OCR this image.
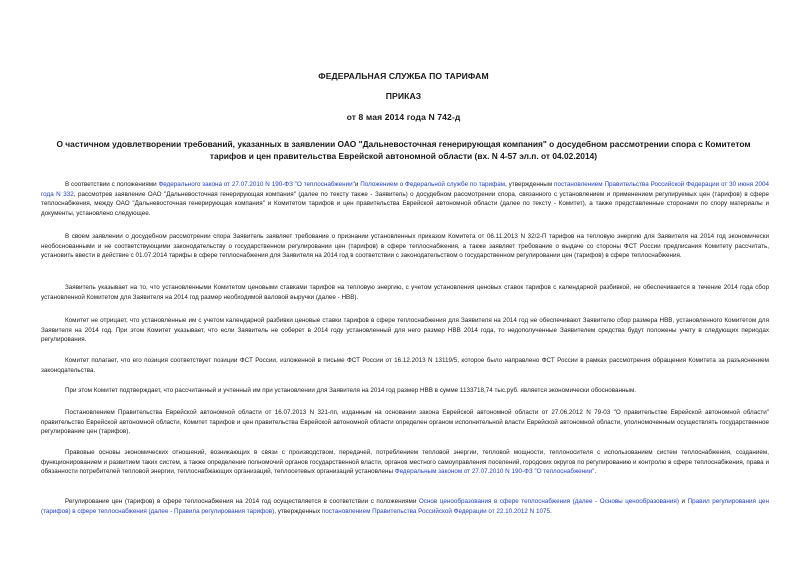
ФЕДЕРАЛЬНАЯ СЛУЖБА ПО ТАРИФАМ
ПРИКАЗ
от 8 мая 2014 года N 742-д
О частичном удовлетворении требований, указанных в заявлении ОАО "Дальневосточная генерирующая компания" о досудебном рассмотрении спора с Комитетом тарифов и цен правительства Еврейской автономной области (вх. N 4-57 эл.п. от 04.02.2014)

В соответствии с положениями Федерального закона от 27.07.2010 N 190-ФЗ "О теплоснабжении"и Положением о Федеральной службе по тарифам, утвержденным постановлением Правительства Российской Федерации от 30 июня 2004 года N 332, рассмотрев заявление ОАО "Дальневосточная генерирующая компания" (далее по тексту также - Заявитель) о досудебном рассмотрении спора, связанного с установлением и применением регулируемых цен (тарифов) в сфере теплоснабжения, между ОАО "Дальневосточная генерирующая компания" и Комитетом тарифов и цен правительства Еврейской автономной области (далее по тексту - Комитет), а также представленные сторонами по спору материалы и документы, установлено следующее.

В своем заявлении о досудебном рассмотрении спора Заявитель заявляет требование о признании установленных приказом Комитета от 06.11.2013 N 32/2-П тарифов на тепловую энергию для Заявителя на 2014 год экономически необоснованными и не соответствующими законодательству о государственном регулировании цен (тарифов) в сфере теплоснабжения, а также заявляет требование о выдаче со стороны ФСТ России предписания Комитету рассчитать, установить ввести в действие с 01.07.2014 тарифы в сфере теплоснабжения для Заявителя на 2014 год в соответствии с законодательством о государственном регулировании цен (тарифов) в сфере теплоснабжения.

Заявитель указывает на то, что установленными Комитетом ценовыми ставками тарифов на тепловую энергию, с учетом установления ценовых ставок тарифов с календарной разбивкой, не обеспечивается в течение 2014 года сбор установленной Комитетом для Заявителя на 2014 год размер необходимой валовой выручки (далее - НВВ).

Комитет не отрицает, что установленные им с учетом календарной разбивки ценовые ставки тарифов в сфере теплоснабжения для Заявителя на 2014 год не обеспечивают Заявителю сбор размера НВВ, установленного Комитетом для Заявителя на 2014 год. При этом Комитет указывает, что если Заявитель не соберет в 2014 году установленный для него размер НВВ 2014 года, то недополученные Заявителем средства будут положены учету в следующих периодах регулирования.

Комитет полагает, что его позиция соответствует позиции ФСТ России, изложенной в письме ФСТ России от 16.12.2013 N 13119/5, которое было направлено ФСТ России в рамках рассмотрения обращения Комитета за разъяснением законодательства.

При этом Комитет подтверждает, что рассчитанный и учтенный им при установлении для Заявителя на 2014 год размер НВВ в сумме 1133718,74 тыс.руб. является экономически обоснованным.

Постановлением Правительства Еврейской автономной области от 16.07.2013 N 321-пп, изданным на основании закона Еврейской автономной области от 27.06.2012 N 79-03 "О правительстве Еврейской автономной области" правительство Еврейской автономной области, Комитет тарифов и цен правительства Еврейской автономной области определен органом исполнительной власти Еврейской автономной области, уполномоченным осуществлять государственное регулирование цен (тарифов).

Правовые основы экономических отношений, возникающих в связи с производством, передачей, потреблением тепловой энергии, тепловой мощности, теплоносителя с использованием систем теплоснабжения, созданием, функционированием и развитием таких систем, а также определение полномочий органов государственной власти, органов местного самоуправления поселений, городских округов по регулированию и контролю в сфере теплоснабжения, права и обязанности потребителей тепловой энергии, теплоснабжающих организаций, теплосетевых организаций установлены Федеральным законом от 27.07.2010 N 190-ФЗ "О теплоснабжении".

Регулирование цен (тарифов) в сфере теплоснабжения на 2014 год осуществляется в соответствии с положениями Основ ценообразования в сфере теплоснабжения (далее - Основы ценообразования) и Правил регулирования цен (тарифов) в сфере теплоснабжения (далее - Правила регулирования тарифов), утвержденных постановлением Правительства Российской Федерации от 22.10.2012 N 1075.
